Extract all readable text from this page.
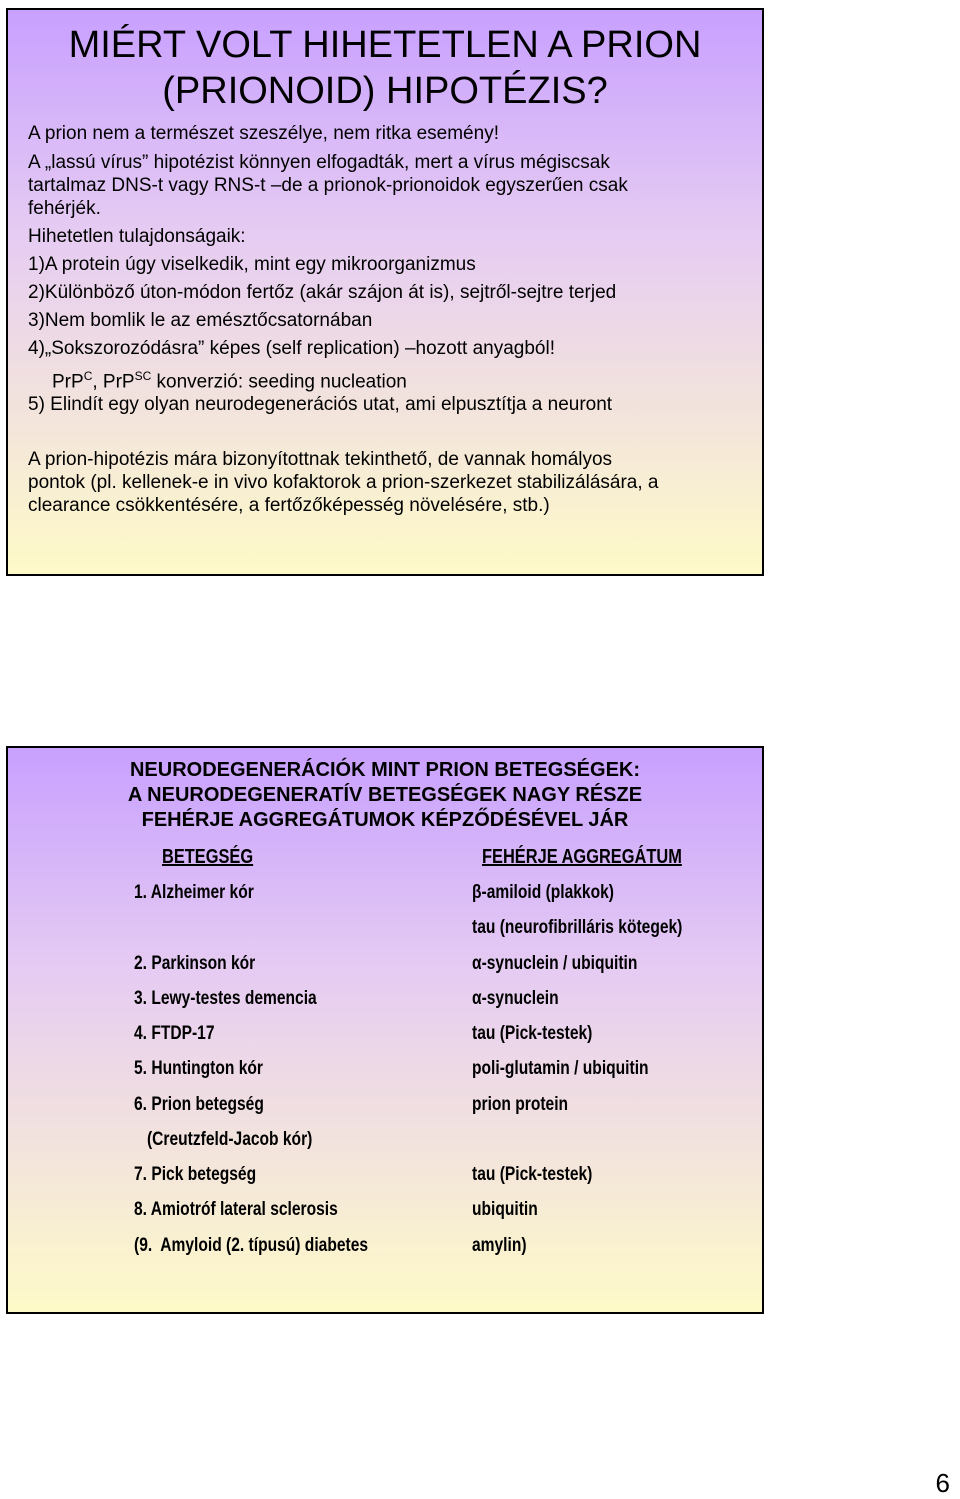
MIÉRT VOLT HIHETETLEN A PRION
(PRIONOID) HIPOTÉZIS?
A prion nem a természet szeszélye, nem ritka esemény!
A „lassú vírus” hipotézist könnyen elfogadták, mert a vírus mégiscsak
tartalmaz DNS-t vagy RNS-t –de a prionok-prionoidok egyszerűen csak
fehérjék.
Hihetetlen tulajdonságaik:
1)A protein úgy viselkedik, mint egy mikroorganizmus
2)Különböző úton-módon fertőz (akár szájon át is), sejtről-sejtre terjed
3)Nem bomlik le az emésztőcsatornában
4)„Sokszorozódásra” képes (self replication) –hozott anyagból!
PrP$^C$, PrP$^{SC}$ konverzió: seeding nucleation
5) Elindít egy olyan neurodegenerációs utat, ami elpusztítja a neuront
A prion-hipotézis mára bizonyítottnak tekinthető, de vannak homályos
pontok (pl. kellenek-e in vivo kofaktorok a prion-szerkezet stabilizálására, a
clearance csökkentésére, a fertőzőképesség növelésére, stb.)
NEURODEGENERÁCIÓK MINT PRION BETEGSÉGEK:
A NEURODEGENERATÍV BETEGSÉGEK NAGY RÉSZE
FEHÉRJE AGGREGÁTUMOK KÉPZŐDÉSÉVEL JÁR
BETEGSÉG	FEHÉRJE AGGREGÁTUM
1. Alzheimer kór	β-amiloid (plakkok)
tau (neurofibrilláris kötegek)
2. Parkinson kór	α-synuclein / ubiquitin
3. Lewy-testes demencia	α-synuclein
4. FTDP-17	tau (Pick-testek)
5. Huntington kór	poli-glutamin / ubiquitin
6. Prion betegség	prion protein
(Creutzfeld-Jacob kór)
7. Pick betegség	tau (Pick-testek)
8. Amiotróf lateral sclerosis	ubiquitin
(9.  Amyloid (2. típusú) diabetes	amylin)
6
